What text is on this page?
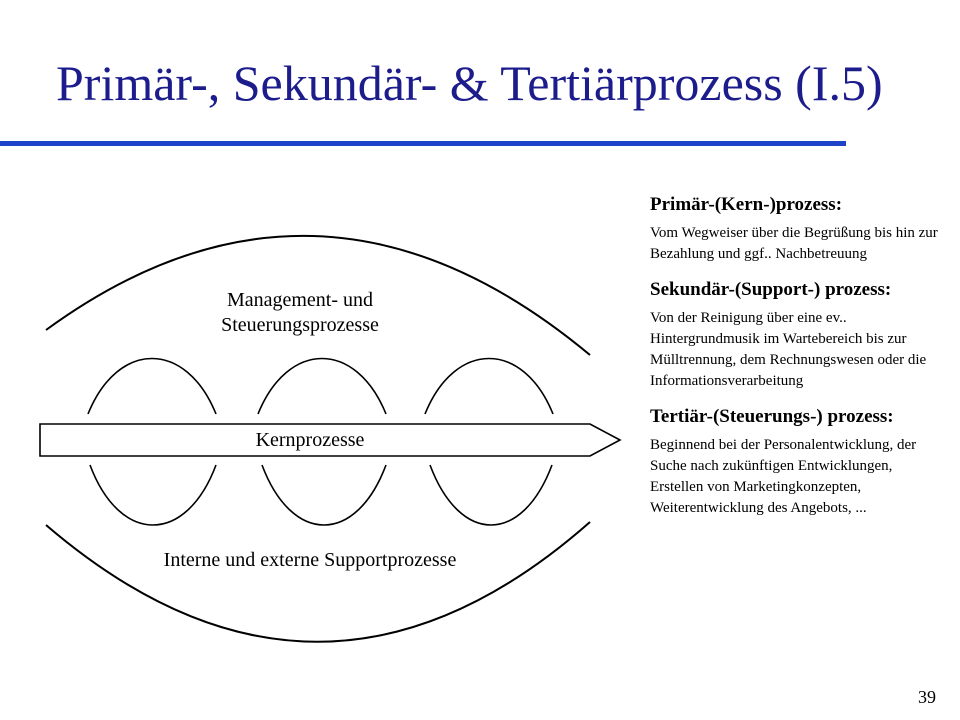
Primär-, Sekundär- & Tertiärprozess (I.5)
Management- und
Steuerungsprozesse
Kernprozesse
Interne und externe Supportprozesse

Primär-(Kern-)prozess:

Vom Wegweiser über die Begrüßung bis hin zur Bezahlung und ggf.. Nachbetreuung

Sekundär-(Support-) prozess:

Von der Reinigung über eine ev.. Hintergrundmusik im Wartebereich bis zur Mülltrennung, dem Rechnungswesen oder die Informationsverarbeitung

Tertiär-(Steuerungs-) prozess:

Beginnend bei der Personalentwicklung, der Suche nach zukünftigen Entwicklungen, Erstellen von Marketingkonzepten, Weiterentwicklung des Angebots, ...

39
